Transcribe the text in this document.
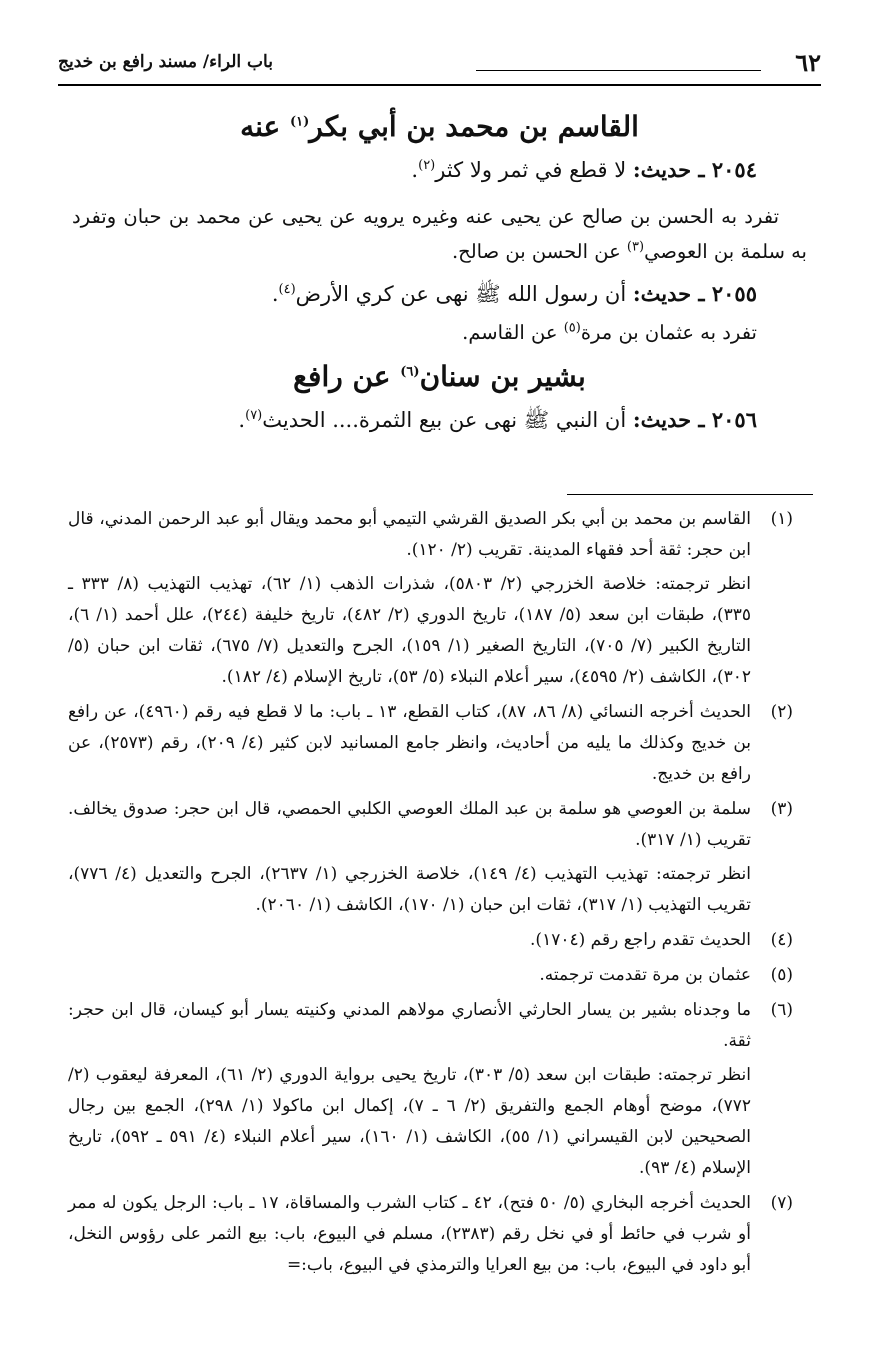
٦٢
باب الراء/ مسند رافع بن خديج
القاسم بن محمد بن أبي بكر$^{(١)}$ عنه
٢٠٥٤ ـ حديث: لا قطع في ثمر ولا كثر$^{(٢)}$.

تفرد به الحسن بن صالح عن يحيى عنه وغيره يرويه عن يحيى عن محمد بن حبان وتفرد به سلمة بن العوصي$^{(٣)}$ عن الحسن بن صالح.

٢٠٥٥ ـ حديث: أن رسول الله ﷺ نهى عن كري الأرض$^{(٤)}$.
تفرد به عثمان بن مرة$^{(٥)}$ عن القاسم.
بشير بن سنان$^{(٦)}$ عن رافع
٢٠٥٦ ـ حديث: أن النبي ﷺ نهى عن بيع الثمرة.... الحديث$^{(٧)}$.
(١)

القاسم بن محمد بن أبي بكر الصديق القرشي التيمي أبو محمد ويقال أبو عبد الرحمن المدني، قال ابن حجر: ثقة أحد فقهاء المدينة. تقريب (٢/ ١٢٠).

انظر ترجمته: خلاصة الخزرجي (٢/ ٥٨٠٣)، شذرات الذهب (١/ ٦٢)، تهذيب التهذيب (٨/ ٣٣٣ ـ ٣٣٥)، طبقات ابن سعد (٥/ ١٨٧)، تاريخ الدوري (٢/ ٤٨٢)، تاريخ خليفة (٢٤٤)، علل أحمد (١/ ٦)، التاريخ الكبير (٧/ ٧٠٥)، التاريخ الصغير (١/ ١٥٩)، الجرح والتعديل (٧/ ٦٧٥)، ثقات ابن حبان (٥/ ٣٠٢)، الكاشف (٢/ ٤٥٩٥)، سير أعلام النبلاء (٥/ ٥٣)، تاريخ الإسلام (٤/ ١٨٢).

(٢)

الحديث أخرجه النسائي (٨/ ٨٦، ٨٧)، كتاب القطع، ١٣ ـ باب: ما لا قطع فيه رقم (٤٩٦٠)، عن رافع بن خديج وكذلك ما يليه من أحاديث، وانظر جامع المسانيد لابن كثير (٤/ ٢٠٩)، رقم (٢٥٧٣)، عن رافع بن خديج.

(٣)

سلمة بن العوصي هو سلمة بن عبد الملك العوصي الكلبي الحمصي، قال ابن حجر: صدوق يخالف. تقريب (١/ ٣١٧).

انظر ترجمته: تهذيب التهذيب (٤/ ١٤٩)، خلاصة الخزرجي (١/ ٢٦٣٧)، الجرح والتعديل (٤/ ٧٧٦)، تقريب التهذيب (١/ ٣١٧)، ثقات ابن حبان (١/ ١٧٠)، الكاشف (١/ ٢٠٦٠).

(٤)

الحديث تقدم راجع رقم (١٧٠٤).

(٥)

عثمان بن مرة تقدمت ترجمته.

(٦)

ما وجدناه بشير بن يسار الحارثي الأنصاري مولاهم المدني وكنيته يسار أبو كيسان، قال ابن حجر: ثقة.

انظر ترجمته: طبقات ابن سعد (٥/ ٣٠٣)، تاريخ يحيى برواية الدوري (٢/ ٦١)، المعرفة ليعقوب (٢/ ٧٧٢)، موضح أوهام الجمع والتفريق (٢/ ٦ ـ ٧)، إكمال ابن ماكولا (١/ ٢٩٨)، الجمع بين رجال الصحيحين لابن القيسراني (١/ ٥٥)، الكاشف (١/ ١٦٠)، سير أعلام النبلاء (٤/ ٥٩١ ـ ٥٩٢)، تاريخ الإسلام (٤/ ٩٣).

(٧)

الحديث أخرجه البخاري (٥/ ٥٠ فتح)، ٤٢ ـ كتاب الشرب والمساقاة، ١٧ ـ باب: الرجل يكون له ممر أو شرب في حائط أو في نخل رقم (٢٣٨٣)، مسلم في البيوع، باب: بيع الثمر على رؤوس النخل، أبو داود في البيوع، باب: من بيع العرايا والترمذي في البيوع، باب:=
